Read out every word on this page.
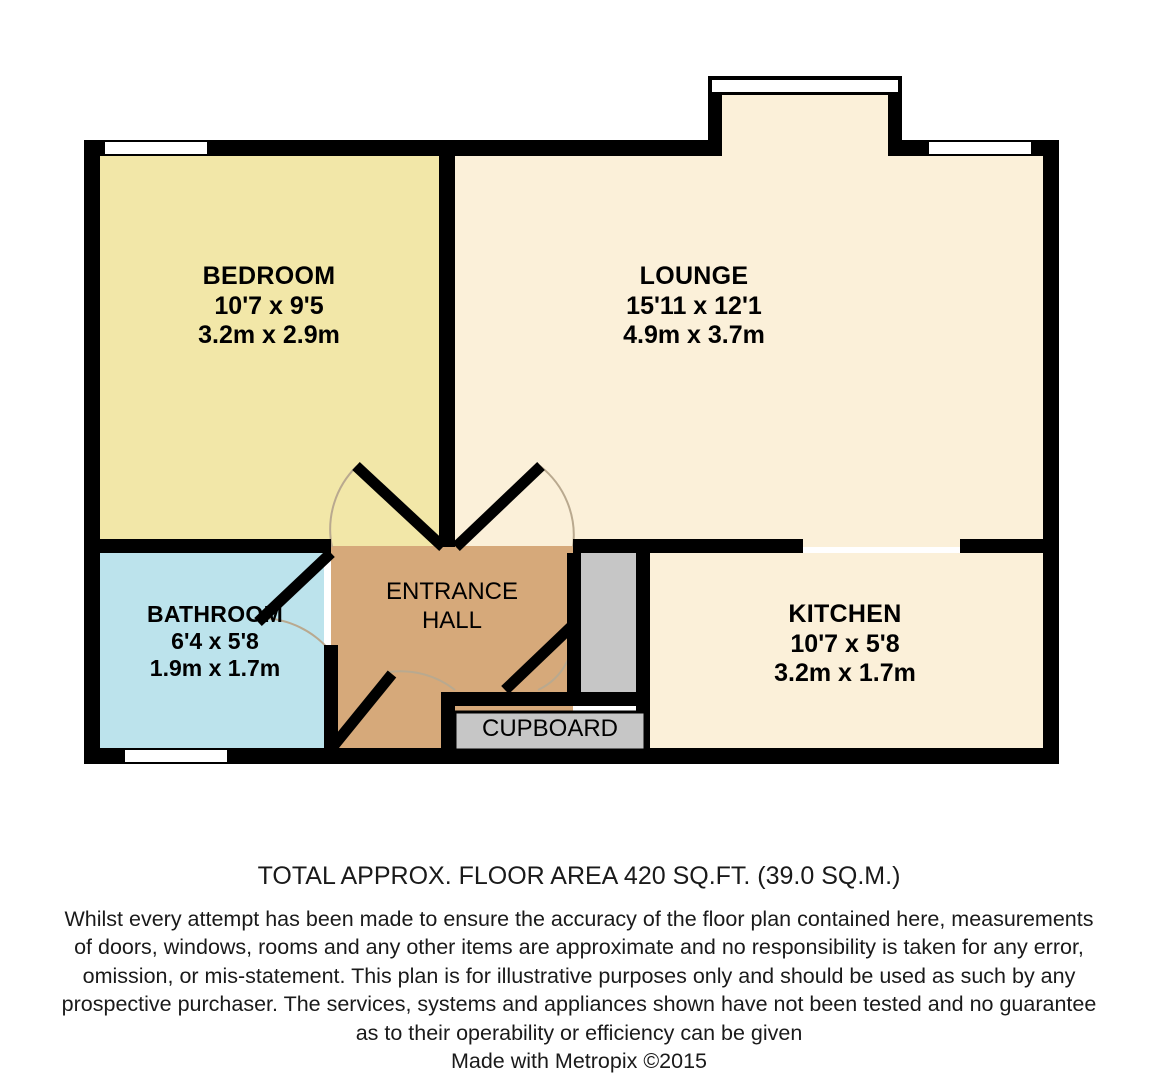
BEDROOM
10'7 x 9'5
3.2m x 2.9m
LOUNGE
15'11 x 12'1
4.9m x 3.7m
BATHROOM
6'4 x 5'8
1.9m x 1.7m
KITCHEN
10'7 x 5'8
3.2m x 1.7m
ENTRANCE
HALL
CUPBOARD
TOTAL APPROX. FLOOR AREA 420 SQ.FT. (39.0 SQ.M.)
Whilst every attempt has been made to ensure the accuracy of the floor plan contained here, measurements
of doors, windows, rooms and any other items are approximate and no responsibility is taken for any error,
omission, or mis-statement. This plan is for illustrative purposes only and should be used as such by any
prospective purchaser. The services, systems and appliances shown have not been tested and no guarantee
as to their operability or efficiency can be given
Made with Metropix ©2015
